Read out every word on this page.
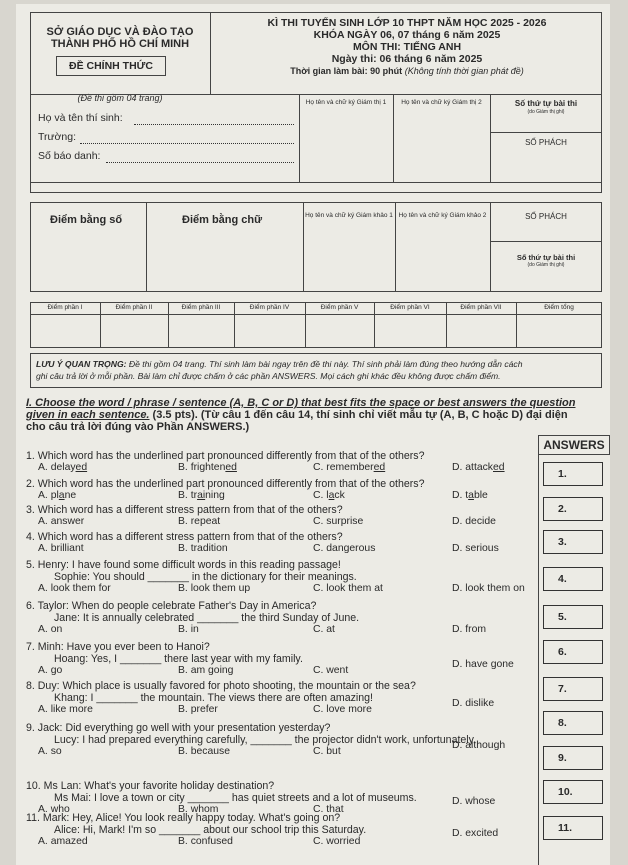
SỞ GIÁO DỤC VÀ ĐÀO TẠO
THÀNH PHỐ HỒ CHÍ MINH
ĐỀ CHÍNH THỨC
(Đề thi gồm 04 trang)
KÌ THI TUYỂN SINH LỚP 10 THPT NĂM HỌC 2025 - 2026
KHÓA NGÀY 06, 07 tháng 6 năm 2025
MÔN THI: TIẾNG ANH
Ngày thi: 06 tháng 6 năm 2025
Thời gian làm bài: 90 phút (Không tính thời gian phát đề)
Họ và tên thí sinh:
Trường:
Số báo danh:
Họ tên và chữ ký Giám thị 1	Họ tên và chữ ký Giám thị 2	Số thứ tự bài thi
(do Giám thị ghi)
SỐ PHÁCH
Điểm bằng số	Điểm bằng chữ	Họ tên và chữ ký Giám khảo 1 Họ tên và chữ ký Giám khảo 2	SỐ PHÁCH
Số thứ tự bài thi
(do Giám thị ghi)
Điểm phần I	Điểm phần II	Điểm phần III	Điểm phần IV	Điểm phần V	Điểm phần VI	Điểm phần VII	Điểm tổng
LƯU Ý QUAN TRỌNG: Đề thi gồm 04 trang. Thí sinh làm bài ngay trên đề thi này. Thí sinh phải làm đúng theo hướng dẫn cách
ghi câu trả lời ở mỗi phần. Bài làm chỉ được chấm ở các phần ANSWERS. Mọi cách ghi khác đều không được chấm điểm.
I. Choose the word / phrase / sentence (A, B, C or D) that best fits the space or best answers the question
given in each sentence. (3.5 pts). (Từ câu 1 đến câu 14, thí sinh chỉ viết mẫu tự (A, B, C hoặc D) đại diện
cho câu trả lời đúng vào Phần ANSWERS.)
ANSWERS
1.
2.
3.
4.
5.
6.
7.
8.
9.
10.
11.
1. Which word has the underlined part pronounced differently from that of the others?
A. delayed	B. frightened	C. remembered	D. attacked
2. Which word has the underlined part pronounced differently from that of the others?
A. plane	B. training	C. lack	D. table
3. Which word has a different stress pattern from that of the others?
A. answer	B. repeat	C. surprise	D. decide
4. Which word has a different stress pattern from that of the others?
A. brilliant	B. tradition	C. dangerous	D. serious
5. Henry: I have found some difficult words in this reading passage!
Sophie: You should _______ in the dictionary for their meanings.
A. look them for	B. look them up	C. look them at	D. look them on
6. Taylor: When do people celebrate Father's Day in America?
Jane: It is annually celebrated _______ the third Sunday of June.
A. on	B. in	C. at	D. from
7. Minh: Have you ever been to Hanoi?
Hoang: Yes, I _______ there last year with my family.
A. go	B. am going	C. went
D. have gone
8. Duy: Which place is usually favored for photo shooting, the mountain or the sea?
Khang: I _______ the mountain. The views there are often amazing!
A. like more	B. prefer	C. love more
D. dislike
9. Jack: Did everything go well with your presentation yesterday?
Lucy: I had prepared everything carefully, _______ the projector didn't work, unfortunately.
A. so	B. because	C. but
D. although
10. Ms Lan: What's your favorite holiday destination?
Ms Mai: I love a town or city _______ has quiet streets and a lot of museums.
A. who	B. whom	C. that
D. whose
11. Mark: Hey, Alice! You look really happy today. What's going on?
Alice: Hi, Mark! I'm so _______ about our school trip this Saturday.
A. amazed	B. confused	C. worried
D. excited
